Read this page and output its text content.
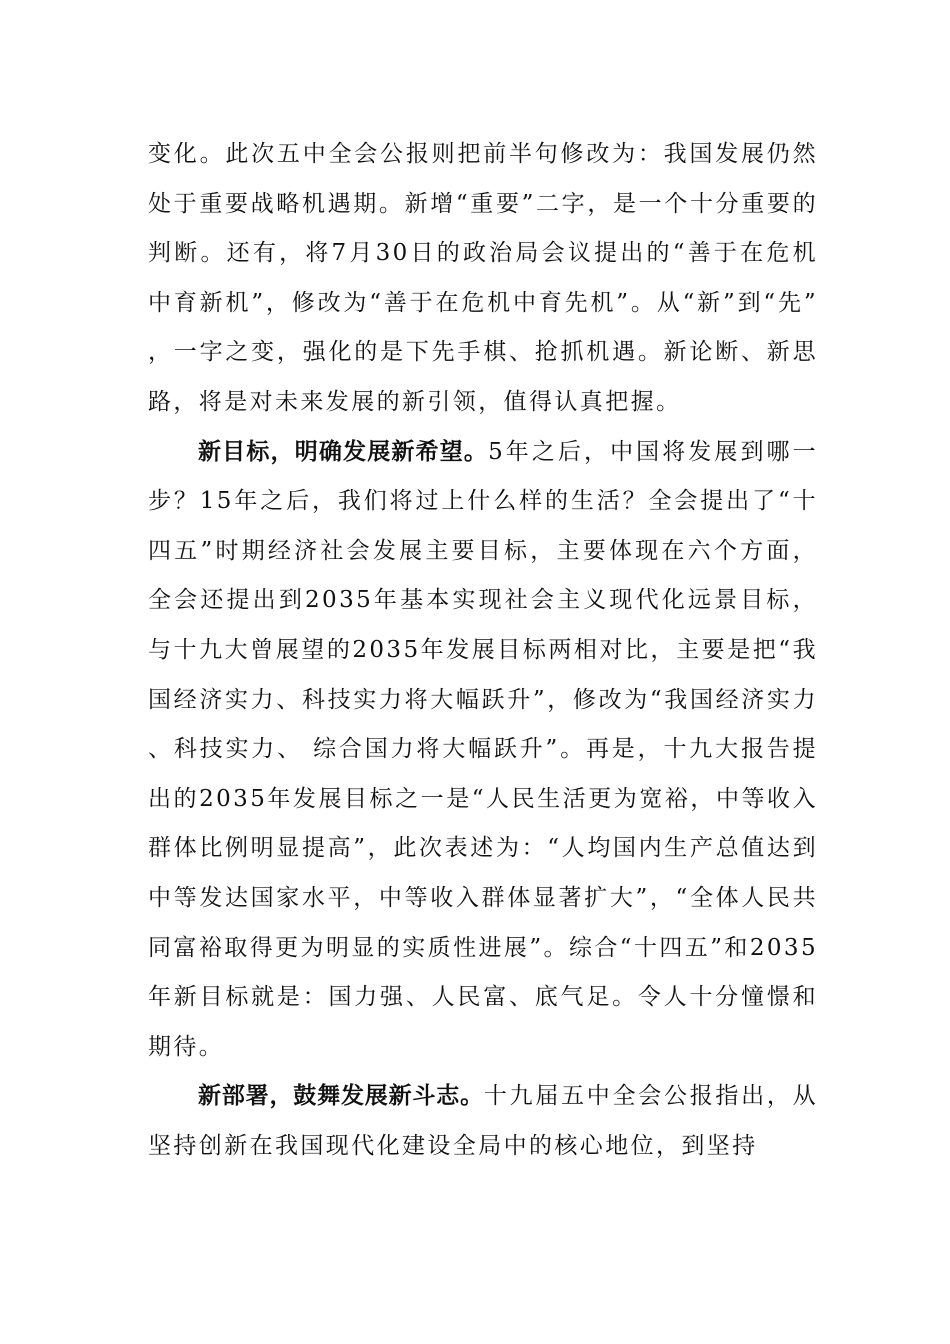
变化。此次五中全会公报则把前半句修改为：我国发展仍然处于重要战略机遇期。新增“重要”二字，是一个十分重要的判断。还有，将7月30日的政治局会议提出的“善于在危机中育新机”，修改为“善于在危机中育先机”。从“新”到“先”，一字之变，强化的是下先手棋、抢抓机遇。新论断、新思路，将是对未来发展的新引领，值得认真把握。

新目标，明确发展新希望。5年之后，中国将发展到哪一步？15年之后，我们将过上什么样的生活？全会提出了“十四五”时期经济社会发展主要目标，主要体现在六个方面，全会还提出到2035年基本实现社会主义现代化远景目标，与十九大曾展望的2035年发展目标两相对比，主要是把“我国经济实力、科技实力将大幅跃升”，修改为“我国经济实力、科技实力、 综合国力将大幅跃升”。再是，十九大报告提出的2035年发展目标之一是“人民生活更为宽裕，中等收入群体比例明显提高”，此次表述为：“人均国内生产总值达到中等发达国家水平，中等收入群体显著扩大”，“全体人民共同富裕取得更为明显的实质性进展”。综合“十四五”和2035年新目标就是：国力强、人民富、底气足。令人十分憧憬和期待。

新部署，鼓舞发展新斗志。十九届五中全会公报指出，从坚持创新在我国现代化建设全局中的核心地位，到坚持
